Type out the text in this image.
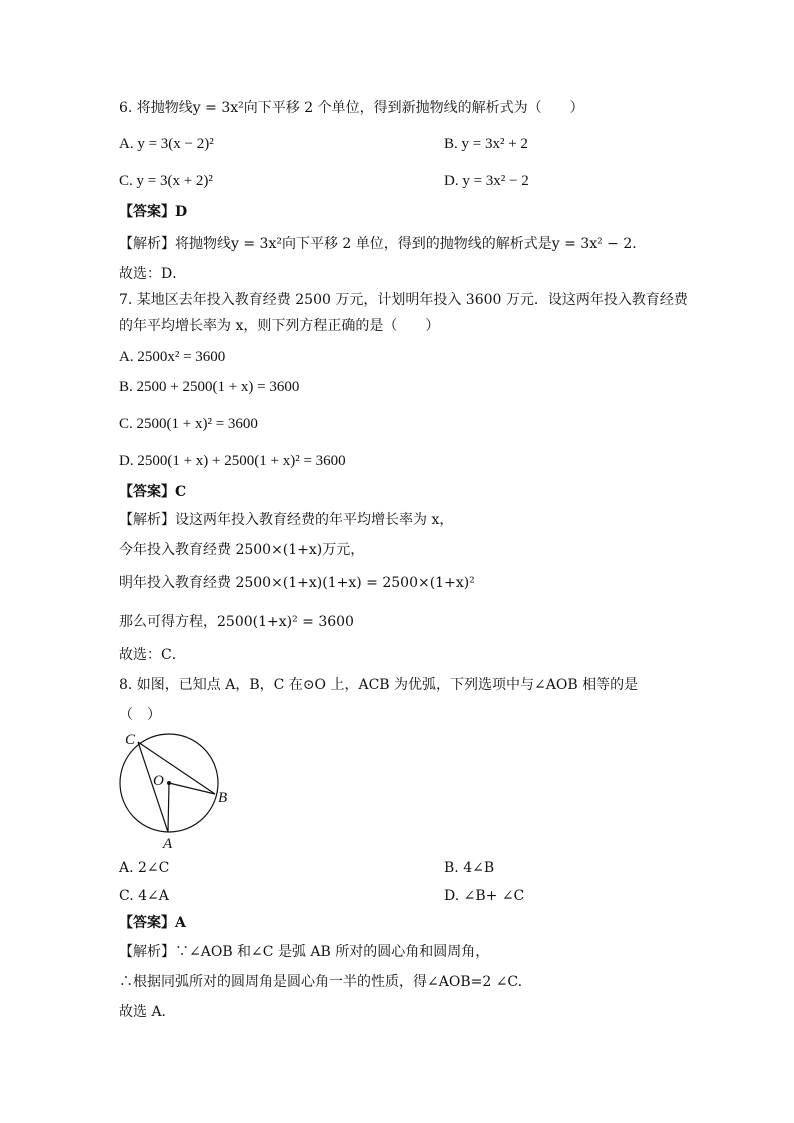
6. 将抛物线y = 3x²向下平移 2 个单位，得到新抛物线的解析式为（　　）
A. y = 3(x − 2)²	B. y = 3x² + 2
C. y = 3(x + 2)²	D. y = 3x² − 2
【答案】D
【解析】将抛物线y = 3x²向下平移 2 单位，得到的抛物线的解析式是y = 3x² − 2．
故选：D．
7. 某地区去年投入教育经费 2500 万元，计划明年投入 3600 万元．设这两年投入教育经费
的年平均增长率为 x，则下列方程正确的是（　　）
A. 2500x² = 3600
B. 2500 + 2500(1 + x) = 3600
C. 2500(1 + x)² = 3600
D. 2500(1 + x) + 2500(1 + x)² = 3600
【答案】C
【解析】设这两年投入教育经费的年平均增长率为 x，
今年投入教育经费 2500×(1+x)万元，
明年投入教育经费 2500×(1+x)(1+x) = 2500×(1+x)²
那么可得方程，2500(1+x)² = 3600
故选：C．
8. 如图，已知点 A，B，C 在⊙O 上，ACB 为优弧，下列选项中与∠AOB 相等的是
（　）
C
O
B
A
A. 2∠C	B. 4∠B
C. 4∠A	D. ∠B+ ∠C
【答案】A
【解析】∵∠AOB 和∠C 是弧 AB 所对的圆心角和圆周角，
∴根据同弧所对的圆周角是圆心角一半的性质，得∠AOB=2 ∠C.
故选 A．
